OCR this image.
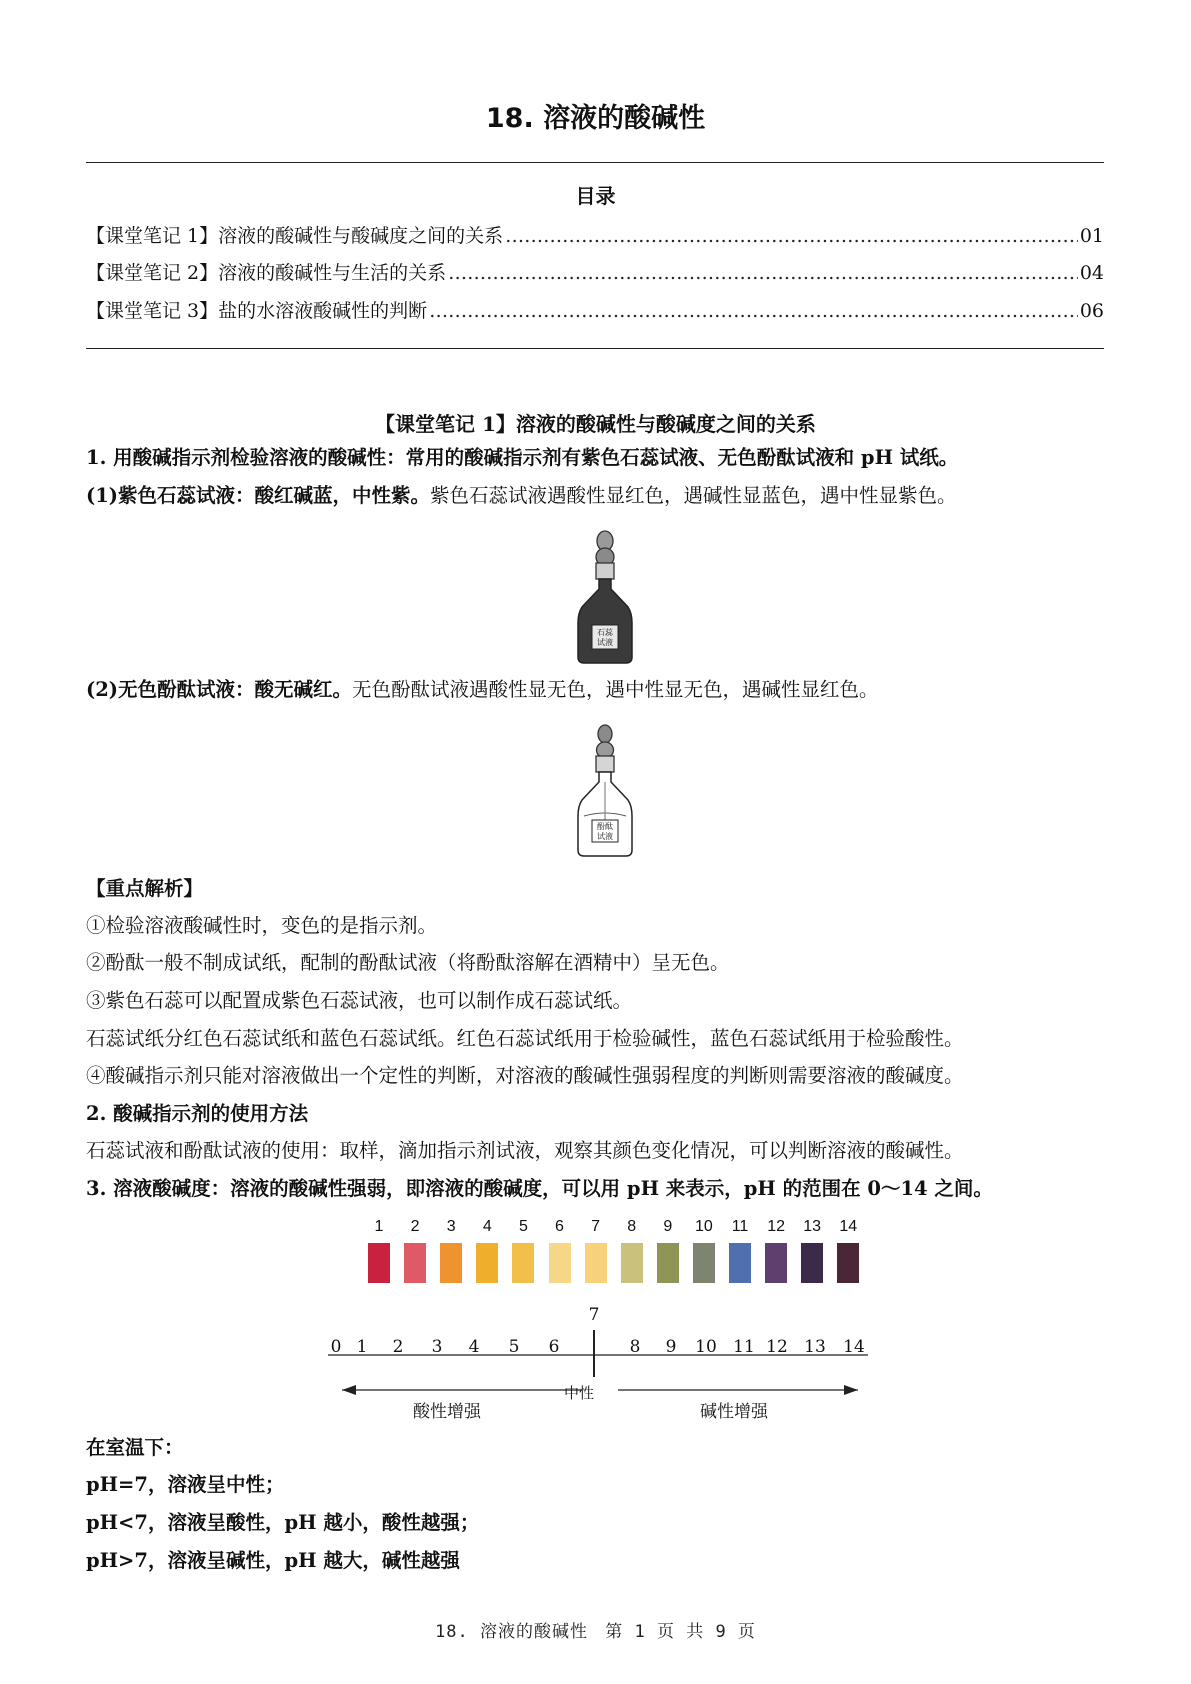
18. 溶液的酸碱性
目录
【课堂笔记 1】溶液的酸碱性与酸碱度之间的关系 ……………………………………………………………………………………………………………………………………………………………………………………………	01
【课堂笔记 2】溶液的酸碱性与生活的关系 ……………………………………………………………………………………………………………………………………………………………………………………………	04
【课堂笔记 3】盐的水溶液酸碱性的判断 ……………………………………………………………………………………………………………………………………………………………………………………………	06
【课堂笔记 1】溶液的酸碱性与酸碱度之间的关系
1. 用酸碱指示剂检验溶液的酸碱性：常用的酸碱指示剂有紫色石蕊试液、无色酚酞试液和 pH 试纸。
(1)紫色石蕊试液：酸红碱蓝，中性紫。紫色石蕊试液遇酸性显红色，遇碱性显蓝色，遇中性显紫色。
石蕊
试液
(2)无色酚酞试液：酸无碱红。无色酚酞试液遇酸性显无色，遇中性显无色，遇碱性显红色。
酚酞
试液
【重点解析】
①检验溶液酸碱性时，变色的是指示剂。
②酚酞一般不制成试纸，配制的酚酞试液（将酚酞溶解在酒精中）呈无色。
③紫色石蕊可以配置成紫色石蕊试液，也可以制作成石蕊试纸。
石蕊试纸分红色石蕊试纸和蓝色石蕊试纸。红色石蕊试纸用于检验碱性，蓝色石蕊试纸用于检验酸性。
④酸碱指示剂只能对溶液做出一个定性的判断，对溶液的酸碱性强弱程度的判断则需要溶液的酸碱度。
2. 酸碱指示剂的使用方法
石蕊试液和酚酞试液的使用：取样，滴加指示剂试液，观察其颜色变化情况，可以判断溶液的酸碱性。
3. 溶液酸碱度：溶液的酸碱性强弱，即溶液的酸碱度，可以用 pH 来表示，pH 的范围在 0～14 之间。
1	2	3	4	5	6	7	8	9	10 11 12 13 14
0 1	2	3	4	5	6
7
8	9	10 11 12 13 14
中性
酸性增强	碱性增强
在室温下：
pH=7，溶液呈中性；
pH<7，溶液呈酸性，pH 越小，酸性越强；
pH>7，溶液呈碱性，pH 越大，碱性越强
18. 溶液的酸碱性 第 1 页 共 9 页
